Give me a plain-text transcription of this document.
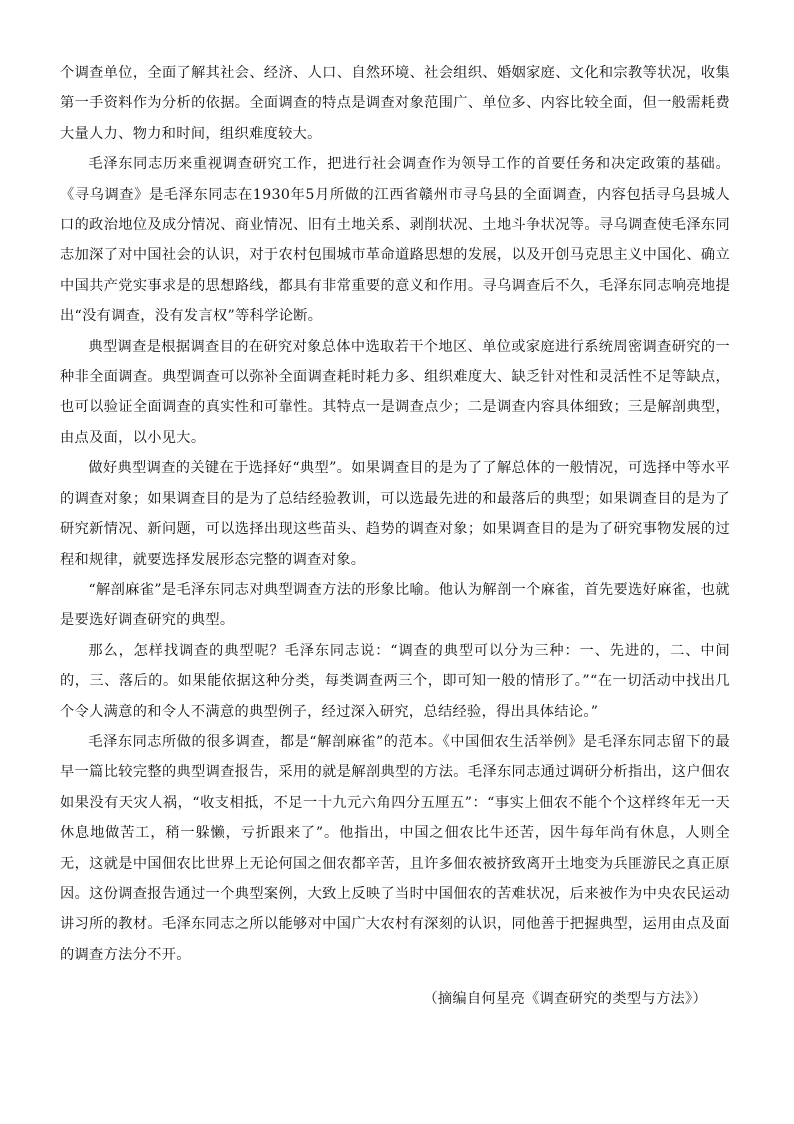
个调查单位，全面了解其社会、经济、人口、自然环境、社会组织、婚姻家庭、文化和宗教等状况，收集第一手资料作为分析的依据。全面调查的特点是调查对象范围广、单位多、内容比较全面，但一般需耗费大量人力、物力和时间，组织难度较大。

毛泽东同志历来重视调查研究工作，把进行社会调查作为领导工作的首要任务和决定政策的基础。《寻乌调查》是毛泽东同志在1930年5月所做的江西省赣州市寻乌县的全面调查，内容包括寻乌县城人口的政治地位及成分情况、商业情况、旧有土地关系、剥削状况、土地斗争状况等。寻乌调查使毛泽东同志加深了对中国社会的认识，对于农村包围城市革命道路思想的发展，以及开创马克思主义中国化、确立中国共产党实事求是的思想路线，都具有非常重要的意义和作用。寻乌调查后不久，毛泽东同志响亮地提出“没有调查，没有发言权”等科学论断。

典型调查是根据调查目的在研究对象总体中选取若干个地区、单位或家庭进行系统周密调查研究的一种非全面调查。典型调查可以弥补全面调查耗时耗力多、组织难度大、缺乏针对性和灵活性不足等缺点，也可以验证全面调查的真实性和可靠性。其特点一是调查点少；二是调查内容具体细致；三是解剖典型，由点及面，以小见大。

做好典型调查的关键在于选择好“典型”。如果调查目的是为了了解总体的一般情况，可选择中等水平的调查对象；如果调查目的是为了总结经验教训，可以选最先进的和最落后的典型；如果调查目的是为了研究新情况、新问题，可以选择出现这些苗头、趋势的调查对象；如果调查目的是为了研究事物发展的过程和规律，就要选择发展形态完整的调查对象。

“解剖麻雀”是毛泽东同志对典型调查方法的形象比喻。他认为解剖一个麻雀，首先要选好麻雀，也就是要选好调查研究的典型。

那么，怎样找调查的典型呢？毛泽东同志说：“调查的典型可以分为三种：一、先进的，二、中间的，三、落后的。如果能依据这种分类，每类调查两三个，即可知一般的情形了。”“在一切活动中找出几个令人满意的和令人不满意的典型例子，经过深入研究，总结经验，得出具体结论。”

毛泽东同志所做的很多调查，都是“解剖麻雀”的范本。《中国佃农生活举例》是毛泽东同志留下的最早一篇比较完整的典型调查报告，采用的就是解剖典型的方法。毛泽东同志通过调研分析指出，这户佃农如果没有天灾人祸，“收支相抵，不足一十九元六角四分五厘五”：“事实上佃农不能个个这样终年无一天休息地做苦工，稍一躲懒，亏折跟来了”。他指出，中国之佃农比牛还苦，因牛每年尚有休息，人则全无，这就是中国佃农比世界上无论何国之佃农都辛苦，且许多佃农被挤致离开土地变为兵匪游民之真正原因。这份调查报告通过一个典型案例，大致上反映了当时中国佃农的苦难状况，后来被作为中央农民运动讲习所的教材。毛泽东同志之所以能够对中国广大农村有深刻的认识，同他善于把握典型，运用由点及面的调查方法分不开。

（摘编自何星亮《调查研究的类型与方法》）
